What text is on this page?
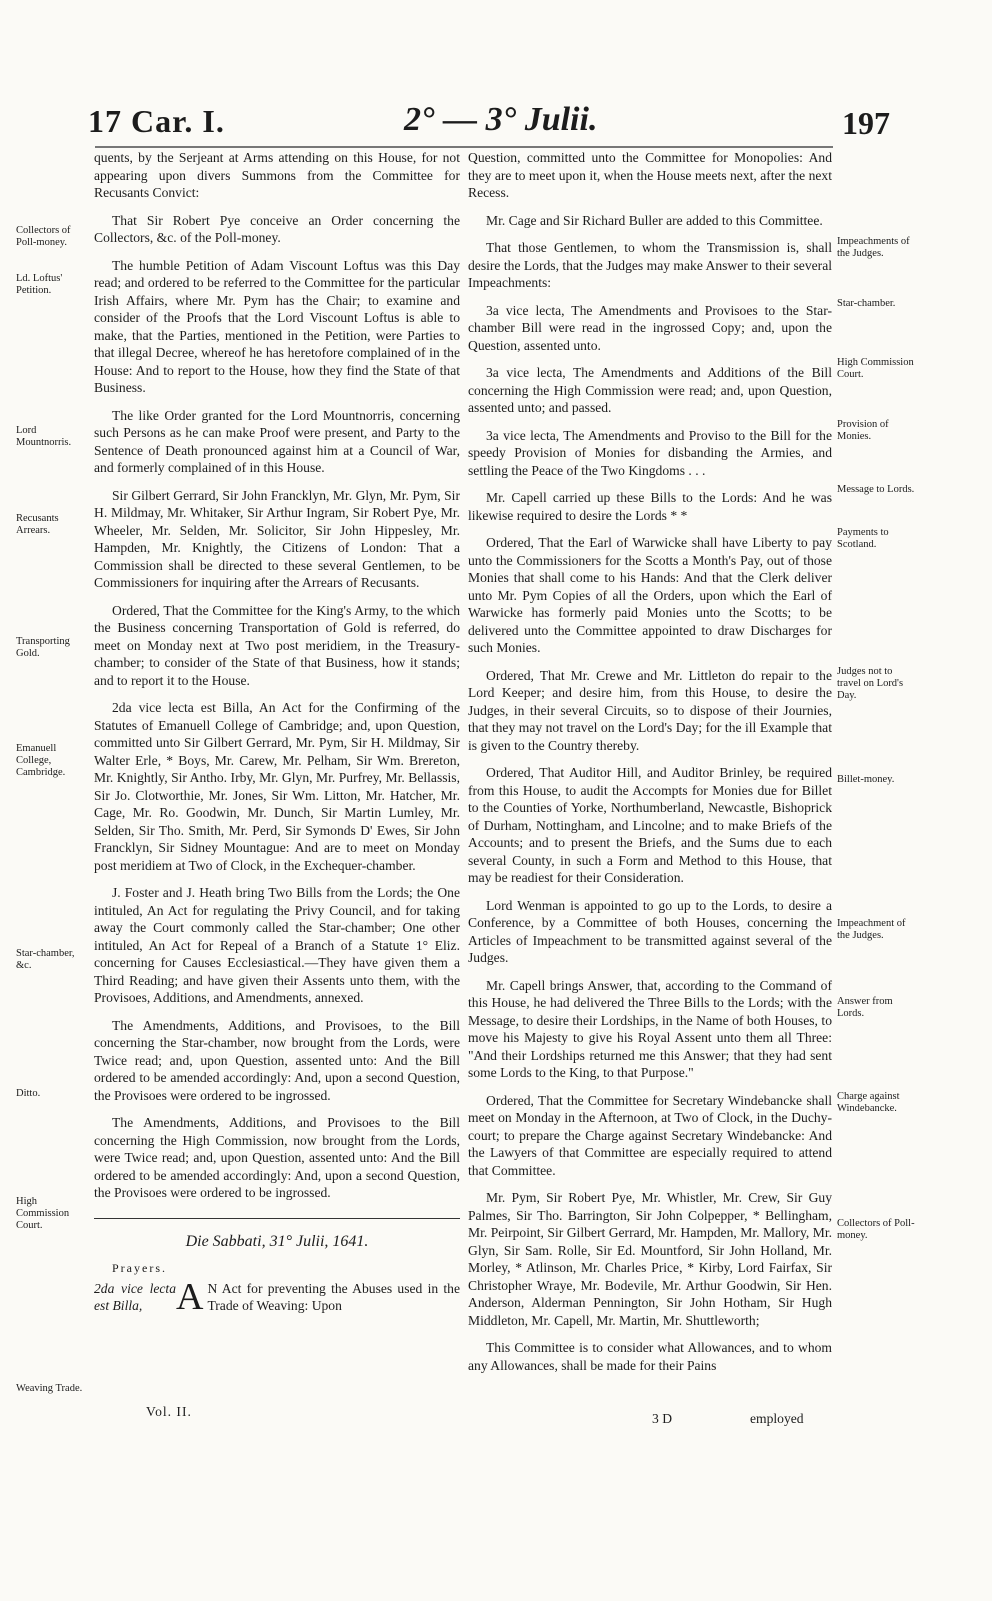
17 Car. I.	2° — 3° Julii.	197
Collectors of Poll-money.
Ld. Loftus' Petition.
Lord Mountnorris.
Recusants Arrears.
Transporting Gold.
Emanuell College, Cambridge.
Star-chamber, &c.
Ditto.
High Commission Court.
Weaving Trade.
Impeachments of the Judges.
Star-chamber.
High Commission Court.
Provision of Monies.
Message to Lords.
Payments to Scotland.
Judges not to travel on Lord's Day.
Billet-money.
Impeachment of the Judges.
Answer from Lords.
Charge against Windebancke.
Collectors of Poll-money.

quents, by the Serjeant at Arms attending on this House, for not appearing upon divers Summons from the Committee for Recusants Convict:

That Sir Robert Pye conceive an Order concerning the Collectors, &c. of the Poll-money.

The humble Petition of Adam Viscount Loftus was this Day read; and ordered to be referred to the Committee for the particular Irish Affairs, where Mr. Pym has the Chair; to examine and consider of the Proofs that the Lord Viscount Loftus is able to make, that the Parties, mentioned in the Petition, were Parties to that illegal Decree, whereof he has heretofore complained of in the House: And to report to the House, how they find the State of that Business.

The like Order granted for the Lord Mountnorris, concerning such Persons as he can make Proof were present, and Party to the Sentence of Death pronounced against him at a Council of War, and formerly complained of in this House.

Sir Gilbert Gerrard, Sir John Francklyn, Mr. Glyn, Mr. Pym, Sir H. Mildmay, Mr. Whitaker, Sir Arthur Ingram, Sir Robert Pye, Mr. Wheeler, Mr. Selden, Mr. Solicitor, Sir John Hippesley, Mr. Hampden, Mr. Knightly, the Citizens of London: That a Commission shall be directed to these several Gentlemen, to be Commissioners for inquiring after the Arrears of Recusants.

Ordered, That the Committee for the King's Army, to the which the Business concerning Transportation of Gold is referred, do meet on Monday next at Two post meridiem, in the Treasury-chamber; to consider of the State of that Business, how it stands; and to report it to the House.

2da vice lecta est Billa, An Act for the Confirming of the Statutes of Emanuell College of Cambridge; and, upon Question, committed unto Sir Gilbert Gerrard, Mr. Pym, Sir H. Mildmay, Sir Walter Erle, * Boys, Mr. Carew, Mr. Pelham, Sir Wm. Brereton, Mr. Knightly, Sir Antho. Irby, Mr. Glyn, Mr. Purfrey, Mr. Bellassis, Sir Jo. Clotworthie, Mr. Jones, Sir Wm. Litton, Mr. Hatcher, Mr. Cage, Mr. Ro. Goodwin, Mr. Dunch, Sir Martin Lumley, Mr. Selden, Sir Tho. Smith, Mr. Perd, Sir Symonds D' Ewes, Sir John Francklyn, Sir Sidney Mountague: And are to meet on Monday post meridiem at Two of Clock, in the Exchequer-chamber.

J. Foster and J. Heath bring Two Bills from the Lords; the One intituled, An Act for regulating the Privy Council, and for taking away the Court commonly called the Star-chamber; One other intituled, An Act for Repeal of a Branch of a Statute 1° Eliz. concerning for Causes Ecclesiastical.—They have given them a Third Reading; and have given their Assents unto them, with the Provisoes, Additions, and Amendments, annexed.

The Amendments, Additions, and Provisoes, to the Bill concerning the Star-chamber, now brought from the Lords, were Twice read; and, upon Question, assented unto: And the Bill ordered to be amended accordingly: And, upon a second Question, the Provisoes were ordered to be ingrossed.

The Amendments, Additions, and Provisoes to the Bill concerning the High Commission, now brought from the Lords, were Twice read; and, upon Question, assented unto: And the Bill ordered to be amended accordingly: And, upon a second Question, the Provisoes were ordered to be ingrossed.

Die Sabbati, 31° Julii, 1641.
Prayers.
2da vice lecta est Billa, A N Act for preventing the Abuses used in the Trade of Weaving: Upon

Question, committed unto the Committee for Monopolies: And they are to meet upon it, when the House meets next, after the next Recess.

Mr. Cage and Sir Richard Buller are added to this Committee.

That those Gentlemen, to whom the Transmission is, shall desire the Lords, that the Judges may make Answer to their several Impeachments:

3a vice lecta, The Amendments and Provisoes to the Star-chamber Bill were read in the ingrossed Copy; and, upon the Question, assented unto.

3a vice lecta, The Amendments and Additions of the Bill concerning the High Commission were read; and, upon Question, assented unto; and passed.

3a vice lecta, The Amendments and Proviso to the Bill for the speedy Provision of Monies for disbanding the Armies, and settling the Peace of the Two Kingdoms . . .

Mr. Capell carried up these Bills to the Lords: And he was likewise required to desire the Lords * *

Ordered, That the Earl of Warwicke shall have Liberty to pay unto the Commissioners for the Scotts a Month's Pay, out of those Monies that shall come to his Hands: And that the Clerk deliver unto Mr. Pym Copies of all the Orders, upon which the Earl of Warwicke has formerly paid Monies unto the Scotts; to be delivered unto the Committee appointed to draw Discharges for such Monies.

Ordered, That Mr. Crewe and Mr. Littleton do repair to the Lord Keeper; and desire him, from this House, to desire the Judges, in their several Circuits, so to dispose of their Journies, that they may not travel on the Lord's Day; for the ill Example that is given to the Country thereby.

Ordered, That Auditor Hill, and Auditor Brinley, be required from this House, to audit the Accompts for Monies due for Billet to the Counties of Yorke, Northumberland, Newcastle, Bishoprick of Durham, Nottingham, and Lincolne; and to make Briefs of the Accounts; and to present the Briefs, and the Sums due to each several County, in such a Form and Method to this House, that may be readiest for their Consideration.

Lord Wenman is appointed to go up to the Lords, to desire a Conference, by a Committee of both Houses, concerning the Articles of Impeachment to be transmitted against several of the Judges.

Mr. Capell brings Answer, that, according to the Command of this House, he had delivered the Three Bills to the Lords; with the Message, to desire their Lordships, in the Name of both Houses, to move his Majesty to give his Royal Assent unto them all Three: "And their Lordships returned me this Answer; that they had sent some Lords to the King, to that Purpose."

Ordered, That the Committee for Secretary Windebancke shall meet on Monday in the Afternoon, at Two of Clock, in the Duchy-court; to prepare the Charge against Secretary Windebancke: And the Lawyers of that Committee are especially required to attend that Committee.

Mr. Pym, Sir Robert Pye, Mr. Whistler, Mr. Crew, Sir Guy Palmes, Sir Tho. Barrington, Sir John Colpepper, * Bellingham, Mr. Peirpoint, Sir Gilbert Gerrard, Mr. Hampden, Mr. Mallory, Mr. Glyn, Sir Sam. Rolle, Sir Ed. Mountford, Sir John Holland, Mr. Morley, * Atlinson, Mr. Charles Price, * Kirby, Lord Fairfax, Sir Christopher Wraye, Mr. Bodevile, Mr. Arthur Goodwin, Sir Hen. Anderson, Alderman Pennington, Sir John Hotham, Sir Hugh Middleton, Mr. Capell, Mr. Martin, Mr. Shuttleworth;

This Committee is to consider what Allowances, and to whom any Allowances, shall be made for their Pains

Vol. II.	3 D	employed
